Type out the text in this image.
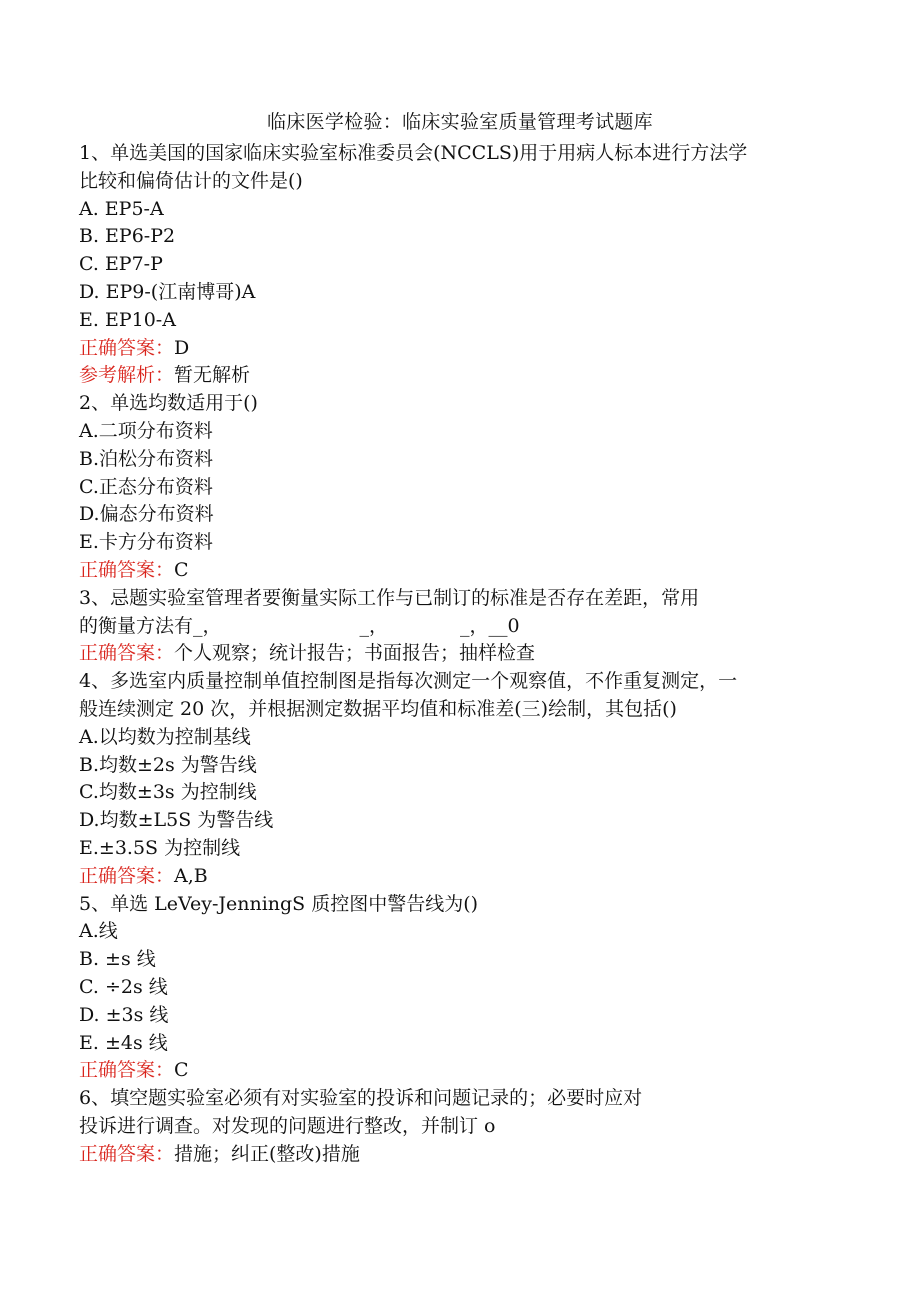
临床医学检验：临床实验室质量管理考试题库
1、单选美国的国家临床实验室标准委员会(NCCLS)用于用病人标本进行方法学
比较和偏倚估计的文件是()
A. EP5-A
B. EP6-P2
C. EP7-P
D. EP9-(江南博哥)A
E. EP10-A
正确答案：D
参考解析：暂无解析
2、单选均数适用于()
A.二项分布资料
B.泊松分布资料
C.正态分布资料
D.偏态分布资料
E.卡方分布资料
正确答案：C
3、忌题实验室管理者要衡量实际工作与已制订的标准是否存在差距，常用
的衡量方法有_，	_，	_，__0
正确答案：个人观察；统计报告；书面报告；抽样检查
4、多选室内质量控制单值控制图是指每次测定一个观察值，不作重复测定，一
般连续测定 20 次，并根据测定数据平均值和标准差(三)绘制，其包括()
A.以均数为控制基线
B.均数±2s 为警告线
C.均数±3s 为控制线
D.均数±L5S 为警告线
E.±3.5S 为控制线
正确答案：A,B
5、单选 LeVey-JenningS 质控图中警告线为()
A.线
B. ±s 线
C. ÷2s 线
D. ±3s 线
E. ±4s 线
正确答案：C
6、填空题实验室必须有对实验室的投诉和问题记录的；必要时应对
投诉进行调查。对发现的问题进行整改，并制订 o
正确答案：措施；纠正(整改)措施
